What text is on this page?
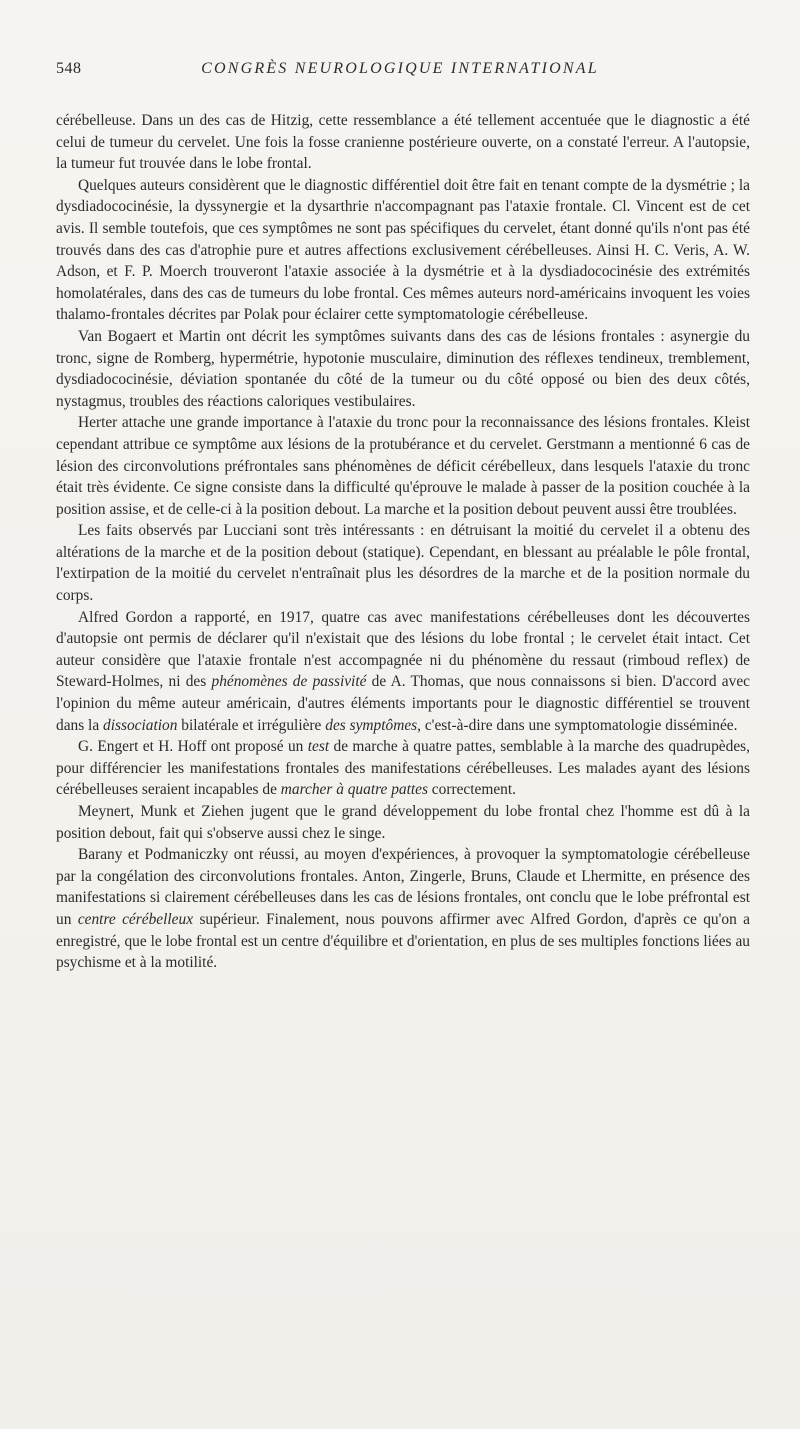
548	CONGRÈS NEUROLOGIQUE INTERNATIONAL

cérébelleuse. Dans un des cas de Hitzig, cette ressemblance a été tellement accentuée que le diagnostic a été celui de tumeur du cervelet. Une fois la fosse cranienne postérieure ouverte, on a constaté l'erreur. A l'autopsie, la tumeur fut trouvée dans le lobe frontal.

Quelques auteurs considèrent que le diagnostic différentiel doit être fait en tenant compte de la dysmétrie ; la dysdiadococinésie, la dyssynergie et la dysarthrie n'accompagnant pas l'ataxie frontale. Cl. Vincent est de cet avis. Il semble toutefois, que ces symptômes ne sont pas spécifiques du cervelet, étant donné qu'ils n'ont pas été trouvés dans des cas d'atrophie pure et autres affections exclusivement cérébelleuses. Ainsi H. C. Veris, A. W. Adson, et F. P. Moerch trouveront l'ataxie associée à la dysmétrie et à la dysdiadococinésie des extrémités homolatérales, dans des cas de tumeurs du lobe frontal. Ces mêmes auteurs nord-américains invoquent les voies thalamo-frontales décrites par Polak pour éclairer cette symptomatologie cérébelleuse.

Van Bogaert et Martin ont décrit les symptômes suivants dans des cas de lésions frontales : asynergie du tronc, signe de Romberg, hypermétrie, hypotonie musculaire, diminution des réflexes tendineux, tremblement, dysdiadococinésie, déviation spontanée du côté de la tumeur ou du côté opposé ou bien des deux côtés, nystagmus, troubles des réactions caloriques vestibulaires.

Herter attache une grande importance à l'ataxie du tronc pour la reconnaissance des lésions frontales. Kleist cependant attribue ce symptôme aux lésions de la protubérance et du cervelet. Gerstmann a mentionné 6 cas de lésion des circonvolutions préfrontales sans phénomènes de déficit cérébelleux, dans lesquels l'ataxie du tronc était très évidente. Ce signe consiste dans la difficulté qu'éprouve le malade à passer de la position couchée à la position assise, et de celle-ci à la position debout. La marche et la position debout peuvent aussi être troublées.

Les faits observés par Lucciani sont très intéressants : en détruisant la moitié du cervelet il a obtenu des altérations de la marche et de la position debout (statique). Cependant, en blessant au préalable le pôle frontal, l'extirpation de la moitié du cervelet n'entraînait plus les désordres de la marche et de la position normale du corps.

Alfred Gordon a rapporté, en 1917, quatre cas avec manifestations cérébelleuses dont les découvertes d'autopsie ont permis de déclarer qu'il n'existait que des lésions du lobe frontal ; le cervelet était intact. Cet auteur considère que l'ataxie frontale n'est accompagnée ni du phénomène du ressaut (rimboud reflex) de Steward-Holmes, ni des phénomènes de passivité de A. Thomas, que nous connaissons si bien. D'accord avec l'opinion du même auteur américain, d'autres éléments importants pour le diagnostic différentiel se trouvent dans la dissociation bilatérale et irrégulière des symptômes, c'est-à-dire dans une symptomatologie disséminée.

G. Engert et H. Hoff ont proposé un test de marche à quatre pattes, semblable à la marche des quadrupèdes, pour différencier les manifestations frontales des manifestations cérébelleuses. Les malades ayant des lésions cérébelleuses seraient incapables de marcher à quatre pattes correctement.

Meynert, Munk et Ziehen jugent que le grand développement du lobe frontal chez l'homme est dû à la position debout, fait qui s'observe aussi chez le singe.

Barany et Podmaniczky ont réussi, au moyen d'expériences, à provoquer la symptomatologie cérébelleuse par la congélation des circonvolutions frontales. Anton, Zingerle, Bruns, Claude et Lhermitte, en présence des manifestations si clairement cérébelleuses dans les cas de lésions frontales, ont conclu que le lobe préfrontal est un centre cérébelleux supérieur. Finalement, nous pouvons affirmer avec Alfred Gordon, d'après ce qu'on a enregistré, que le lobe frontal est un centre d'équilibre et d'orientation, en plus de ses multiples fonctions liées au psychisme et à la motilité.
